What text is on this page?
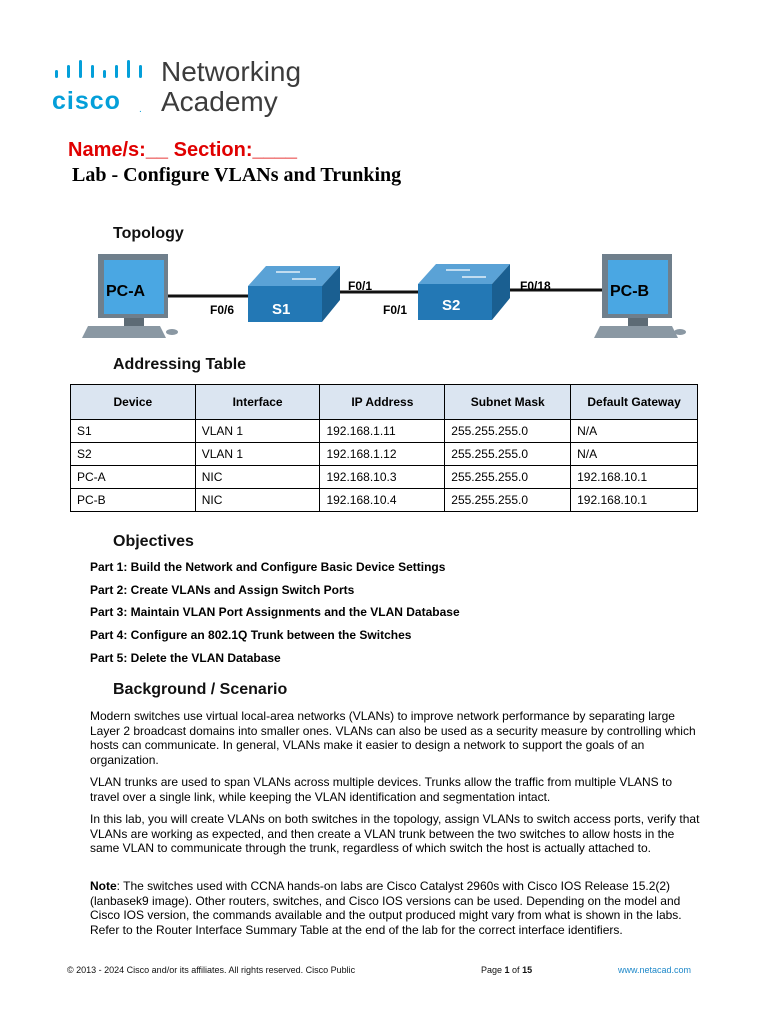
cisco .
Networking
Academy
Name/s:__ Section:____
Lab - Configure VLANs and Trunking
Topology
PC-A	PC-B
S1	S2
F0/6
F0/1
F0/1
F0/18
Addressing Table
Device	Interface	IP Address	Subnet Mask	Default Gateway
S1	VLAN 1	192.168.1.11	255.255.255.0	N/A
S2	VLAN 1	192.168.1.12	255.255.255.0	N/A
PC-A	NIC	192.168.10.3	255.255.255.0	192.168.10.1
PC-B	NIC	192.168.10.4	255.255.255.0	192.168.10.1
Objectives
Part 1: Build the Network and Configure Basic Device Settings
Part 2: Create VLANs and Assign Switch Ports
Part 3: Maintain VLAN Port Assignments and the VLAN Database
Part 4: Configure an 802.1Q Trunk between the Switches
Part 5: Delete the VLAN Database
Background / Scenario
Modern switches use virtual local-area networks (VLANs) to improve network performance by separating large Layer 2 broadcast domains into smaller ones. VLANs can also be used as a security measure by controlling which hosts can communicate. In general, VLANs make it easier to design a network to support the goals of an organization.
VLAN trunks are used to span VLANs across multiple devices. Trunks allow the traffic from multiple VLANS to travel over a single link, while keeping the VLAN identification and segmentation intact.
In this lab, you will create VLANs on both switches in the topology, assign VLANs to switch access ports, verify that VLANs are working as expected, and then create a VLAN trunk between the two switches to allow hosts in the same VLAN to communicate through the trunk, regardless of which switch the host is actually attached to.
Note: The switches used with CCNA hands-on labs are Cisco Catalyst 2960s with Cisco IOS Release 15.2(2) (lanbasek9 image). Other routers, switches, and Cisco IOS versions can be used. Depending on the model and Cisco IOS version, the commands available and the output produced might vary from what is shown in the labs. Refer to the Router Interface Summary Table at the end of the lab for the correct interface identifiers.
© 2013 - 2024 Cisco and/or its affiliates. All rights reserved. Cisco Public	Page 1 of 15	www.netacad.com
